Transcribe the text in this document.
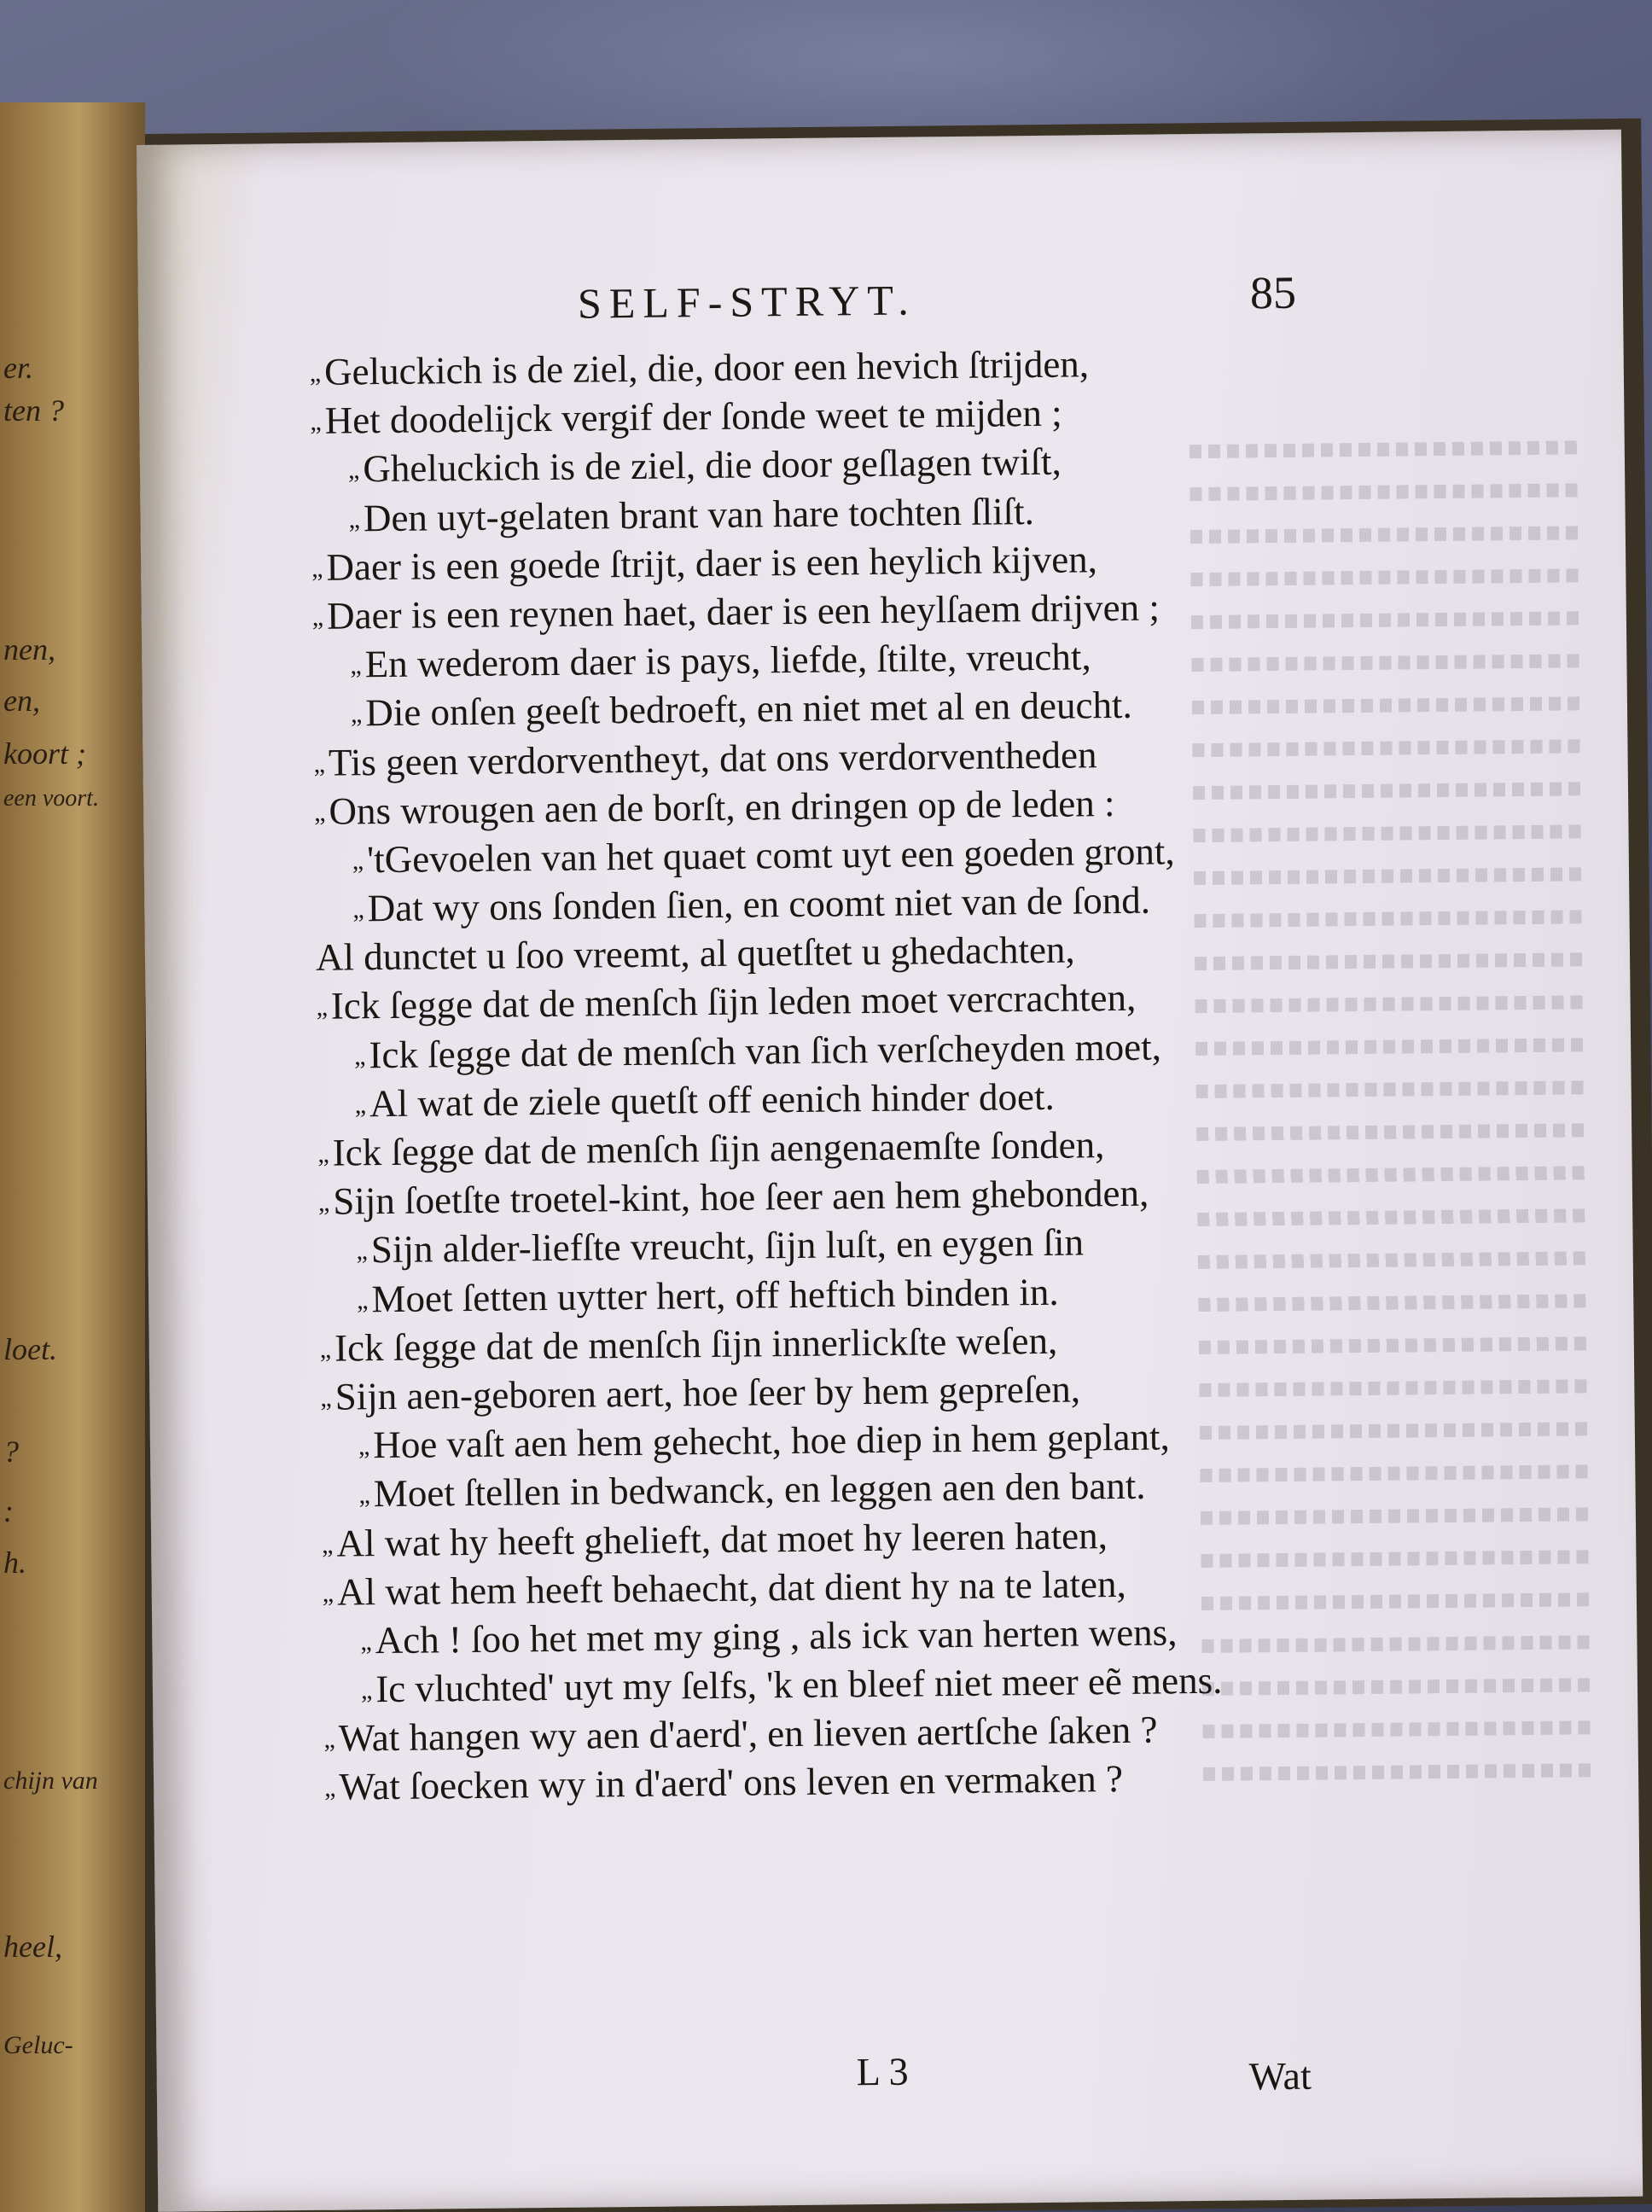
er.
ten ?
nen,
en,
koort ;
een voort.
loet.
?
:
h.
chijn van
heel,
Geluc-
SELF-STRYT.	85
„ Geluckich is de ziel, die, door een hevich ſtrijden,
„ Het doodelijck vergif der ſonde weet te mijden ;
„ Gheluckich is de ziel, die door geſlagen twiſt,
„ Den uyt-gelaten brant van hare tochten ſliſt.
„ Daer is een goede ſtrijt, daer is een heylich kijven,
„ Daer is een reynen haet, daer is een heylſaem drijven ;
„ En wederom daer is pays, liefde, ſtilte, vreucht,
„ Die onſen geeſt bedroeft, en niet met al en deucht.
„ Tis geen verdorventheyt, dat ons verdorventheden
„ Ons wrougen aen de borſt, en dringen op de leden :
„ 'tGevoelen van het quaet comt uyt een goeden gront,
„ Dat wy ons ſonden ſien, en coomt niet van de ſond.
Al dunctet u ſoo vreemt, al quetſtet u ghedachten,
„ Ick ſegge dat de menſch ſijn leden moet vercrachten,
„ Ick ſegge dat de menſch van ſich verſcheyden moet,
„ Al wat de ziele quetſt off eenich hinder doet.
„ Ick ſegge dat de menſch ſijn aengenaemſte ſonden,
„ Sijn ſoetſte troetel-kint, hoe ſeer aen hem ghebonden,
„ Sijn alder-liefſte vreucht, ſijn luſt, en eygen ſin
„ Moet ſetten uytter hert, off heftich binden in.
„ Ick ſegge dat de menſch ſijn innerlickſte weſen,
„ Sijn aen-geboren aert, hoe ſeer by hem gepreſen,
„ Hoe vaſt aen hem gehecht, hoe diep in hem geplant,
„ Moet ſtellen in bedwanck, en leggen aen den bant.
„ Al wat hy heeft ghelieft, dat moet hy leeren haten,
„ Al wat hem heeft behaecht, dat dient hy na te laten,
„ Ach ! ſoo het met my ging , als ick van herten wens,
„ Ic vluchted' uyt my ſelfs, 'k en bleef niet meer eẽ mens.
„ Wat hangen wy aen d'aerd', en lieven aertſche ſaken ?
„ Wat ſoecken wy in d'aerd' ons leven en vermaken ?
L 3	Wat
